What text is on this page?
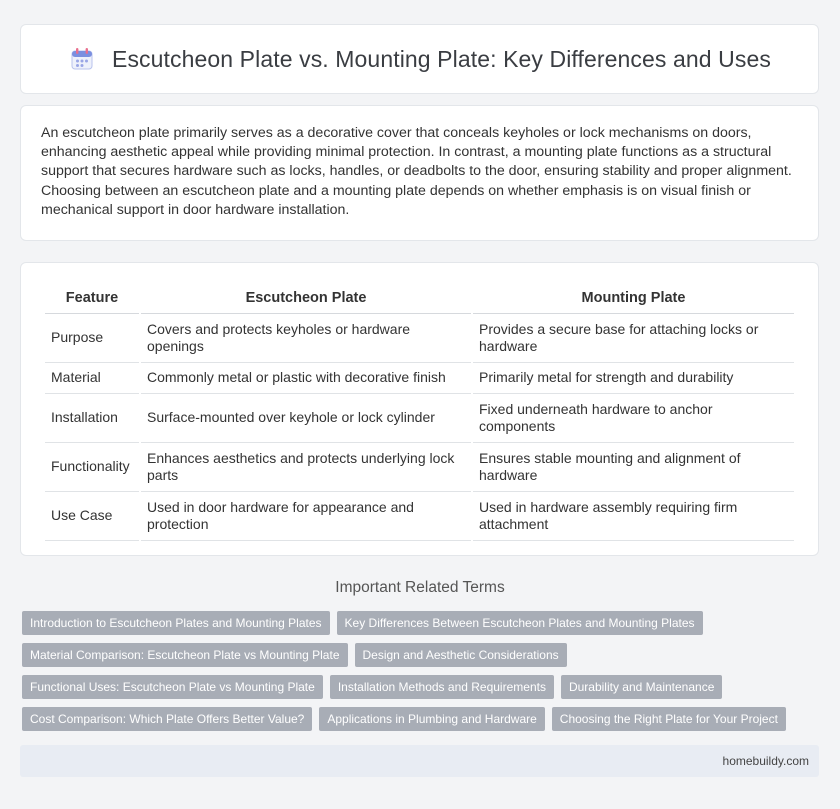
Escutcheon Plate vs. Mounting Plate: Key Differences and Uses

An escutcheon plate primarily serves as a decorative cover that conceals keyholes or lock mechanisms on doors, enhancing aesthetic appeal while providing minimal protection. In contrast, a mounting plate functions as a structural support that secures hardware such as locks, handles, or deadbolts to the door, ensuring stability and proper alignment. Choosing between an escutcheon plate and a mounting plate depends on whether emphasis is on visual finish or mechanical support in door hardware installation.

Feature	Escutcheon Plate	Mounting Plate
Purpose	Covers and protects keyholes or hardware openings	Provides a secure base for attaching locks or hardware
Material	Commonly metal or plastic with decorative finish	Primarily metal for strength and durability
Installation	Surface-mounted over keyhole or lock cylinder	Fixed underneath hardware to anchor components
Functionality	Enhances aesthetics and protects underlying lock parts	Ensures stable mounting and alignment of hardware
Use Case	Used in door hardware for appearance and protection	Used in hardware assembly requiring firm attachment
Important Related Terms
Introduction to Escutcheon Plates and Mounting Plates Key Differences Between Escutcheon Plates and Mounting Plates
Material Comparison: Escutcheon Plate vs Mounting Plate Design and Aesthetic Considerations
Functional Uses: Escutcheon Plate vs Mounting Plate Installation Methods and Requirements Durability and Maintenance
Cost Comparison: Which Plate Offers Better Value? Applications in Plumbing and Hardware Choosing the Right Plate for Your Project
homebuildy.com
